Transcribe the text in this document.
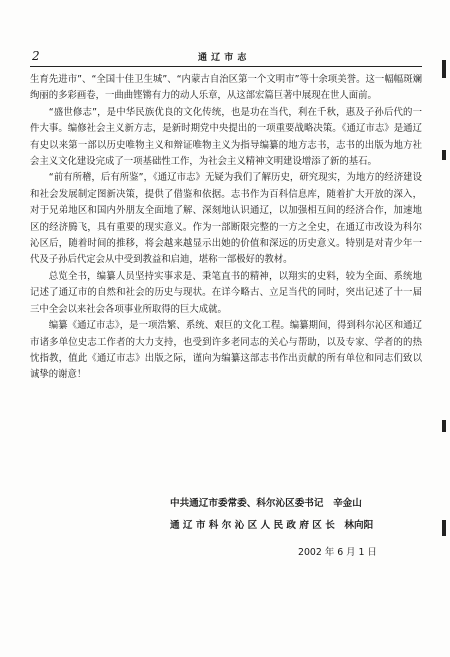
2	通 辽 市 志

生育先进市”、“全国十佳卫生城”、“内蒙古自治区第一个文明市”等十余项美誉。这一幅幅斑斓绚丽的多彩画卷，一曲曲铿锵有力的动人乐章，从这部宏篇巨著中展现在世人面前。

“盛世修志”，是中华民族优良的文化传统，也是功在当代，利在千秋，惠及子孙后代的一件大事。编修社会主义新方志，是新时期党中央提出的一项重要战略决策。《通辽市志》是通辽有史以来第一部以历史唯物主义和辩证唯物主义为指导编纂的地方志书，志书的出版为地方社会主义文化建设完成了一项基础性工作，为社会主义精神文明建设增添了新的基石。

“前有所稽，后有所鉴”，《通辽市志》无疑为我们了解历史，研究现实，为地方的经济建设和社会发展制定图新决策，提供了借鉴和依据。志书作为百科信息库，随着扩大开放的深入，对于兄弟地区和国内外朋友全面地了解、深刻地认识通辽，以加强相互间的经济合作，加速地区的经济腾飞，具有重要的现实意义。作为一部断限完整的一方之全史，在通辽市改设为科尔沁区后，随着时间的推移，将会越来越显示出她的价值和深远的历史意义。特别是对青少年一代及子孙后代定会从中受到教益和启迪，堪称一部极好的教材。

总览全书，编纂人员坚持实事求是、秉笔直书的精神，以翔实的史料，较为全面、系统地记述了通辽市的自然和社会的历史与现状。在详今略古、立足当代的同时，突出记述了十一届三中全会以来社会各项事业所取得的巨大成就。

编纂《通辽市志》，是一项浩繁、系统、艰巨的文化工程。编纂期间，得到科尔沁区和通辽市诸多单位史志工作者的大力支持，也受到许多老同志的关心与帮助，以及专家、学者的的热忱指教，值此《通辽市志》出版之际，谨向为编纂这部志书作出贡献的所有单位和同志们致以诚挚的谢意！

中共通辽市委常委、科尔沁区委书记　辛金山
通 辽 市 科 尔 沁 区 人 民 政 府 区 长　林向阳
2002 年 6 月 1 日
